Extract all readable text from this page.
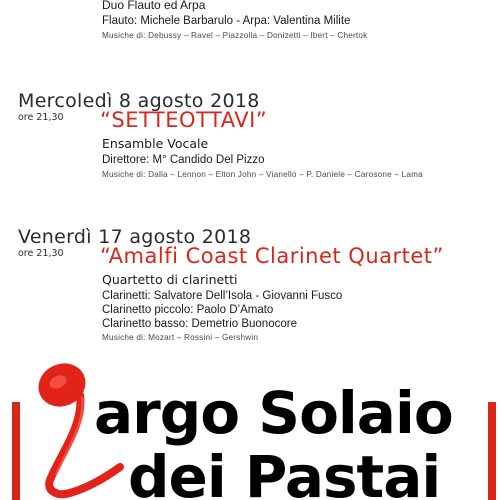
Duo Flauto ed Arpa
Flauto: Michele Barbarulo - Arpa: Valentina Milite
Musiche di: Debussy – Ravel – Piazzolla – Donizetti – Ibert – Chertok
Mercoledì 8 agosto 2018
ore 21,30 “SETTEOTTAVI”
Ensamble Vocale
Direttore: M° Candido Del Pizzo
Musiche di: Dalla – Lennon – Elton John – Vianello – P. Daniele – Carosone – Lama
Venerdì 17 agosto 2018
ore 21,30 “Amalfi Coast Clarinet Quartet”
Quartetto di clarinetti
Clarinetti: Salvatore Dell’Isola - Giovanni Fusco
Clarinetto piccolo: Paolo D’Amato
Clarinetto basso: Demetrio Buonocore
Musiche di: Mozart – Rossini – Gershwin
argo Solaio
dei Pastai
